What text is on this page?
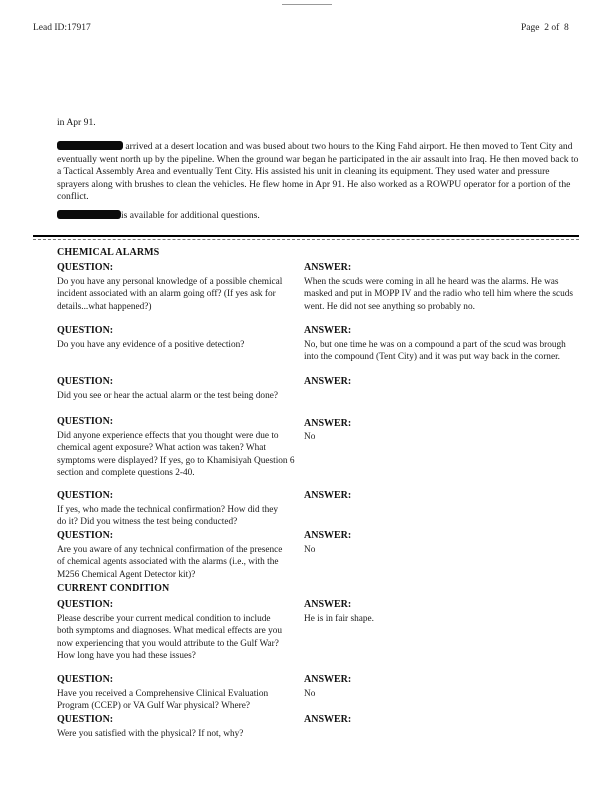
Lead ID:17917	Page 2 of 8
in Apr 91.
arrived at a desert location and was bused about two hours to the King Fahd airport. He then moved to Tent City and eventually went north up by the pipeline. When the ground war began he participated in the air assault into Iraq. He then moved back to a Tactical Assembly Area and eventually Tent City. His assisted his unit in cleaning its equipment. They used water and pressure sprayers along with brushes to clean the vehicles. He flew home in Apr 91. He also worked as a ROWPU operator for a portion of the conflict.
is available for additional questions.
CHEMICAL ALARMS
QUESTION:	ANSWER:
Do you have any personal knowledge of a possible chemical incident associated with an alarm going off? (If yes ask for details...what happened?)
When the scuds were coming in all he heard was the alarms. He was masked and put in MOPP IV and the radio who tell him where the scuds went. He did not see anything so probably no.
QUESTION:	ANSWER:
Do you have any evidence of a positive detection?	No, but one time he was on a compound a part of the scud was brough into the compound (Tent City) and it was put way back in the corner.
QUESTION:	ANSWER:
Did you see or hear the actual alarm or the test being done?
QUESTION:	ANSWER:
Did anyone experience effects that you thought were due to chemical agent exposure? What action was taken? What symptoms were displayed? If yes, go to Khamisiyah Question 6 section and complete questions 2-40.
No
QUESTION:	ANSWER:
If yes, who made the technical confirmation? How did they do it? Did you witness the test being conducted?
QUESTION:	ANSWER:
Are you aware of any technical confirmation of the presence of chemical agents associated with the alarms (i.e., with the M256 Chemical Agent Detector kit)?
No
CURRENT CONDITION
QUESTION:	ANSWER:
Please describe your current medical condition to include both symptoms and diagnoses. What medical effects are you now experiencing that you would attribute to the Gulf War? How long have you had these issues?
He is in fair shape.
QUESTION:	ANSWER:
Have you received a Comprehensive Clinical Evaluation Program (CCEP) or VA Gulf War physical? Where?
No
QUESTION:	ANSWER:
Were you satisfied with the physical? If not, why?
